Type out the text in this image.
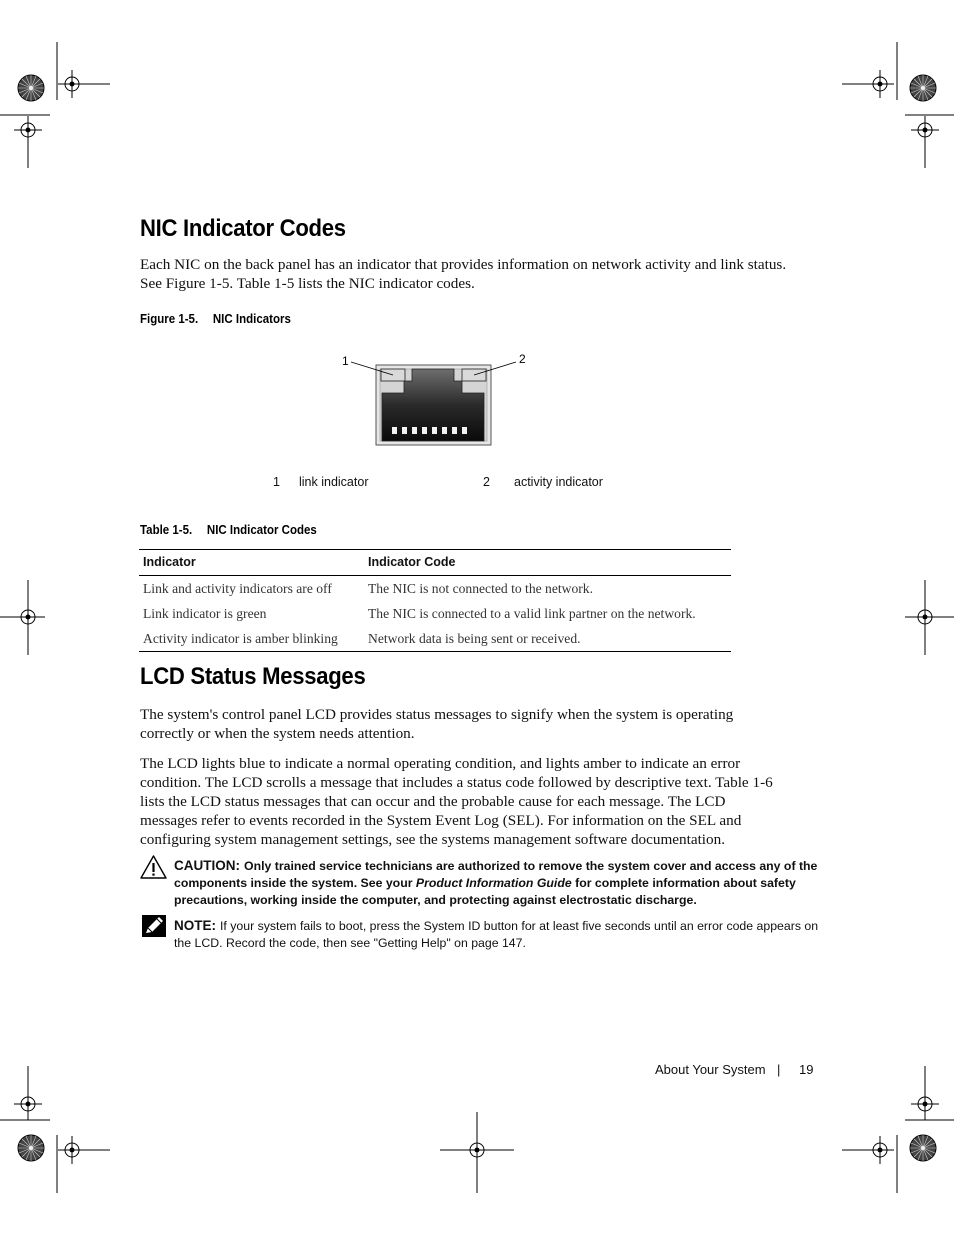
NIC Indicator Codes
Each NIC on the back panel has an indicator that provides information on network activity and link status.
See Figure 1-5. Table 1-5 lists the NIC indicator codes.
Figure 1-5. NIC Indicators
1	2
1 link indicator	2 activity indicator
Table 1-5. NIC Indicator Codes
Indicator	Indicator Code
Link and activity indicators are off	The NIC is not connected to the network.
Link indicator is green	The NIC is connected to a valid link partner on the network.
Activity indicator is amber blinking	Network data is being sent or received.
LCD Status Messages
The system's control panel LCD provides status messages to signify when the system is operating
correctly or when the system needs attention.
The LCD lights blue to indicate a normal operating condition, and lights amber to indicate an error
condition. The LCD scrolls a message that includes a status code followed by descriptive text. Table 1-6
lists the LCD status messages that can occur and the probable cause for each message. The LCD
messages refer to events recorded in the System Event Log (SEL). For information on the SEL and
configuring system management settings, see the systems management software documentation.
CAUTION: Only trained service technicians are authorized to remove the system cover and access any of the components inside the system. See your Product Information Guide for complete information about safety precautions, working inside the computer, and protecting against electrostatic discharge.
NOTE: If your system fails to boot, press the System ID button for at least five seconds until an error code appears on the LCD. Record the code, then see "Getting Help" on page 147.
About Your System | 19
